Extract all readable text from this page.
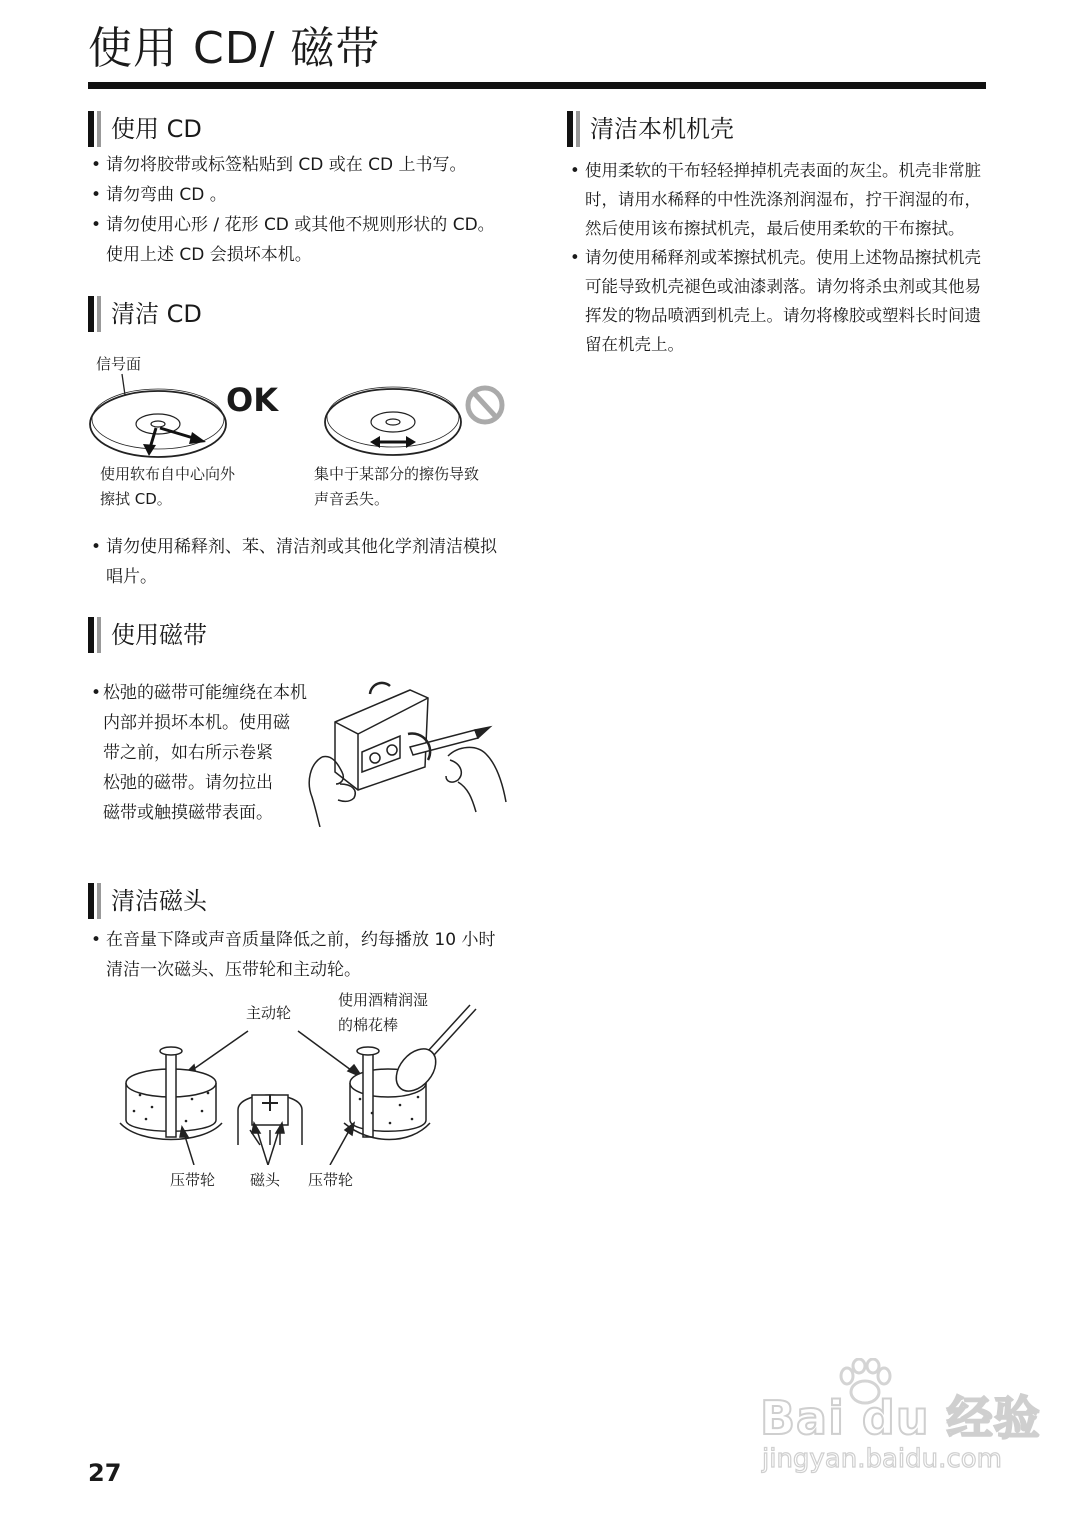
使用 CD/ 磁带
使用 CD
• 请勿将胶带或标签粘贴到 CD 或在 CD 上书写。
• 请勿弯曲 CD 。
• 请勿使用心形 / 花形 CD 或其他不规则形状的 CD。使用上述 CD 会损坏本机。
清洁 CD
信号面
OK
使用软布自中心向外
擦拭 CD。
集中于某部分的擦伤导致
声音丢失。
• 请勿使用稀释剂、苯、清洁剂或其他化学剂清洁模拟唱片。
使用磁带
• 松弛的磁带可能缠绕在本机
内部并损坏本机。使用磁
带之前，如右所示卷紧
松弛的磁带。请勿拉出
磁带或触摸磁带表面。
清洁磁头
• 在音量下降或声音质量降低之前，约每播放 10 小时清洁一次磁头、压带轮和主动轮。
主动轮
使用酒精润湿
的棉花棒
压带轮 磁头 压带轮
清洁本机机壳
• 使用柔软的干布轻轻掸掉机壳表面的灰尘。机壳非常脏时，请用水稀释的中性洗涤剂润湿布，拧干润湿的布，然后使用该布擦拭机壳，最后使用柔软的干布擦拭。
• 请勿使用稀释剂或苯擦拭机壳。使用上述物品擦拭机壳可能导致机壳褪色或油漆剥落。请勿将杀虫剂或其他易挥发的物品喷洒到机壳上。请勿将橡胶或塑料长时间遗留在机壳上。
27
Bai du 经验
jingyan.baidu.com
